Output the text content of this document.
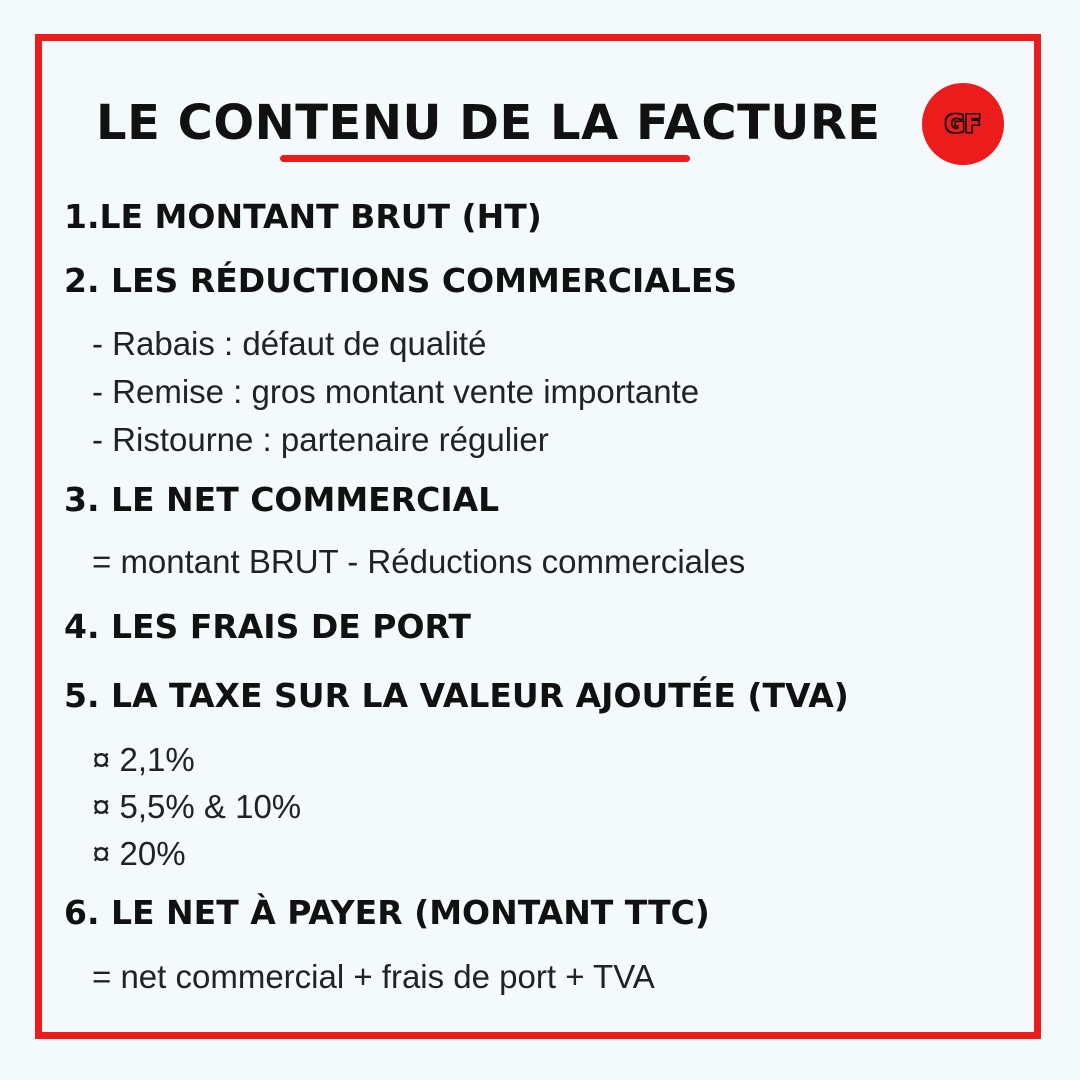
LE CONTENU DE LA FACTURE	GF
1.LE MONTANT BRUT (HT)
2. LES RÉDUCTIONS COMMERCIALES
- Rabais : défaut de qualité
- Remise : gros montant vente importante
- Ristourne : partenaire régulier
3. LE NET COMMERCIAL
= montant BRUT - Réductions commerciales
4. LES FRAIS DE PORT
5. LA TAXE SUR LA VALEUR AJOUTÉE (TVA)
¤ 2,1%
¤ 5,5% & 10%
¤ 20%
6. LE NET À PAYER (MONTANT TTC)
= net commercial + frais de port + TVA
